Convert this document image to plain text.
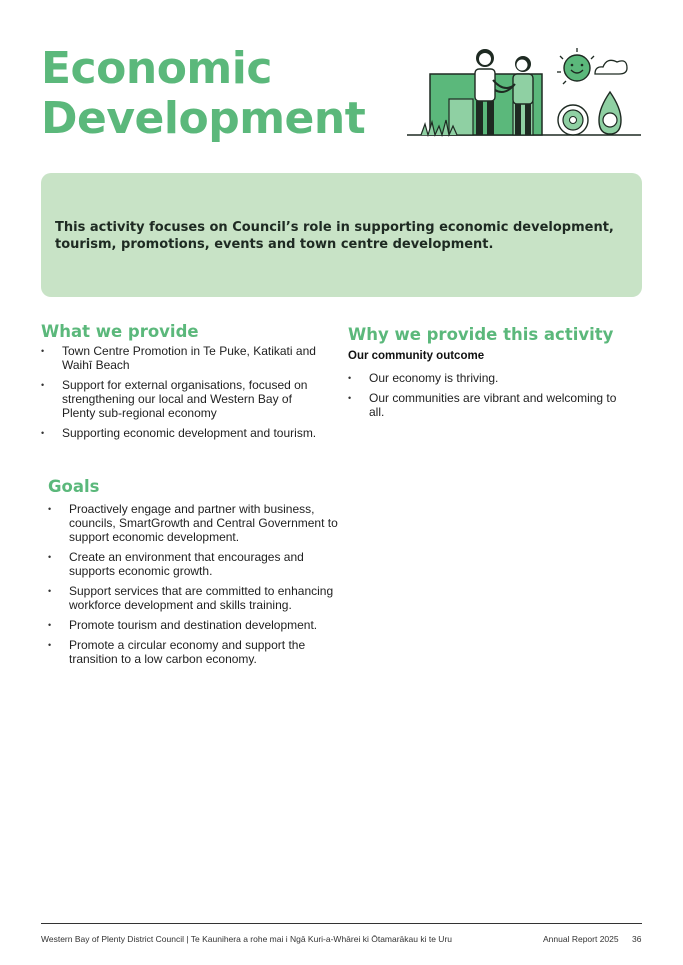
Economic
Development

This activity focuses on Council’s role in supporting economic development, tourism, promotions, events and town centre development.

What we provide
• Town Centre Promotion in Te Puke, Katikati and Waihī Beach
• Support for external organisations, focused on strengthening our local and Western Bay of Plenty sub-regional economy
• Supporting economic development and tourism.
Why we provide this activity

Our community outcome

• Our economy is thriving.
• Our communities are vibrant and welcoming to all.
Goals
• Proactively engage and partner with business, councils, SmartGrowth and Central Government to support economic development.
• Create an environment that encourages and supports economic growth.
• Support services that are committed to enhancing workforce development and skills training.
• Promote tourism and destination development.
• Promote a circular economy and support the transition to a low carbon economy.
Western Bay of Plenty District Council | Te Kaunihera a rohe mai i Ngā Kuri-a-Whārei ki Ōtamarākau ki te Uru	Annual Report 2025 36
